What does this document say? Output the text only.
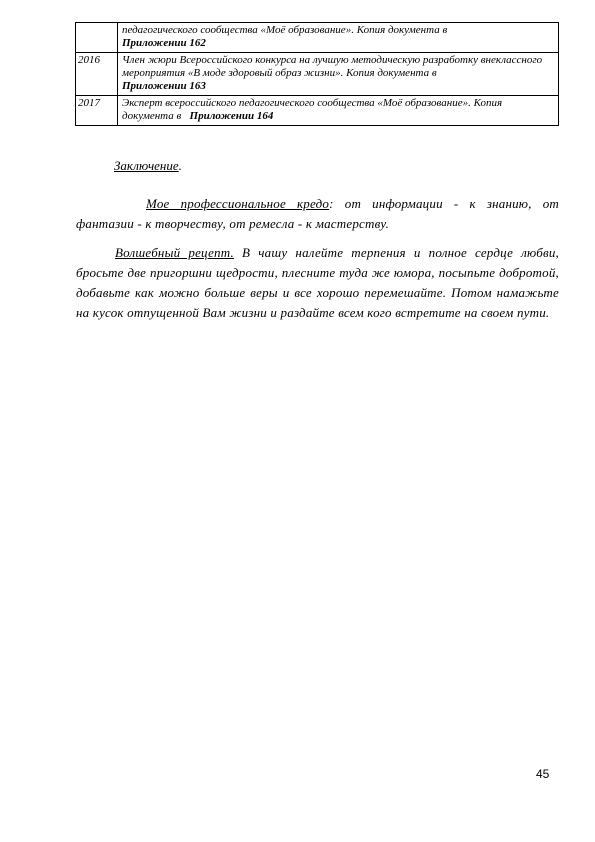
	педагогического сообщества «Моё образование». Копия документа в
Приложении 162
2016	Член жюри Всероссийского конкурса на лучшую методическую разработку внеклассного мероприятия «В моде здоровый образ жизни». Копия документа в
Приложении 163
2017	Эксперт всероссийского педагогического сообщества «Моё образование». Копия документа в Приложении 164
Заключение.
Мое профессиональное кредо: от информации - к знанию, от фантазии - к творчеству, от ремесла - к мастерству.
Волшебный рецепт. В чашу налейте терпения и полное сердце любви, бросьте две пригоршни щедрости, плесните туда же юмора, посыпьте добротой, добавьте как можно больше веры и все хорошо перемешайте. Потом намажьте на кусок отпущенной Вам жизни и раздайте всем кого встретите на своем пути.
45
